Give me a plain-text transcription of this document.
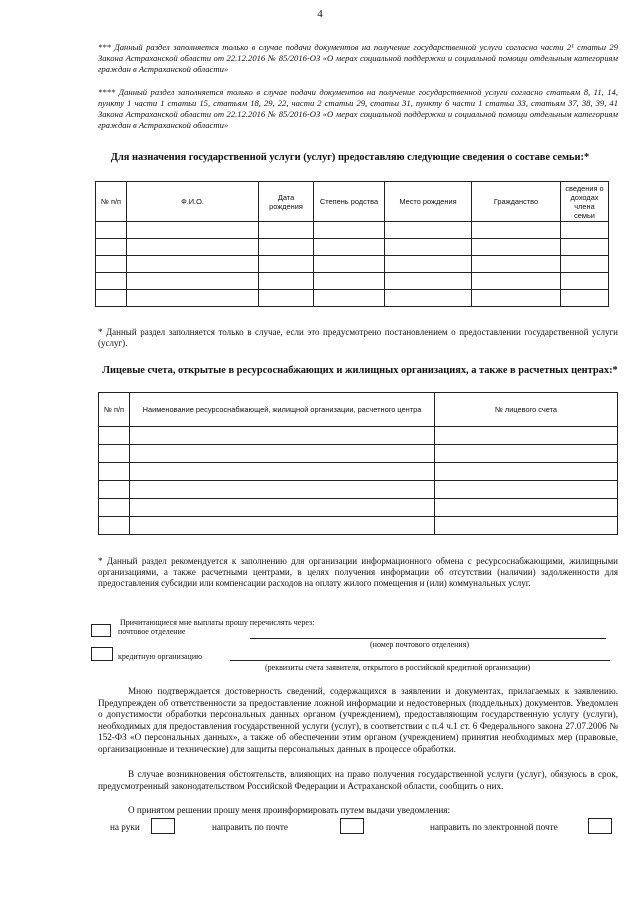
4
*** Данный раздел заполняется только в случае подачи документов на получение государственной услуги согласно части 2¹ статьи 29 Закона Астраханской области от 22.12.2016 № 85/2016-ОЗ «О мерах социальной поддержки и социальной помощи отдельным категориям граждан в Астраханской области»
**** Данный раздел заполняется только в случае подачи документов на получение государственной услуги согласно статьям 8, 11, 14, пункту 1 части 1 статьи 15, статьям 18, 29, 22, части 2 статьи 29, статьи 31, пункту 6 части 1 статьи 33, статьям 37, 38, 39, 41 Закона Астраханской области от 22.12.2016 № 85/2016-ОЗ «О мерах социальной поддержки и социальной помощи отдельным категориям граждан в Астраханской области»
Для назначения государственной услуги (услуг) предоставляю следующие сведения о составе семьи:*
№ п/п	Ф.И.О.	Дата рождения	Степень родства	Место рождения	Гражданство	сведения о доходах члена семьи

* Данный раздел заполняется только в случае, если это предусмотрено постановлением о предоставлении государственной услуги (услуг).
Лицевые счета, открытые в ресурсоснабжающих и жилищных организациях, а также в расчетных центрах:*
№ п/п	Наименование ресурсоснабжающей, жилищной организации, расчетного центра	№ лицевого счета

* Данный раздел рекомендуется к заполнению для организации информационного обмена с ресурсоснабжающими, жилищными организациями, а также расчетными центрами, в целях получения информации об отсутствии (наличии) задолженности для предоставления субсидии или компенсации расходов на оплату жилого помещения и (или) коммунальных услуг.
Причитающиеся мне выплаты прошу перечислять через:
почтовое отделение
(номер почтового отделения)
кредитную организацию
(реквизиты счета заявителя, открытого в российской кредитной организации)
Мною подтверждается достоверность сведений, содержащихся в заявлении и документах, прилагаемых к заявлению. Предупрежден об ответственности за предоставление ложной информации и недостоверных (поддельных) документов. Уведомлен о допустимости обработки персональных данных органом (учреждением), предоставляющим государственную услугу (услуги), необходимых для предоставления государственной услуги (услуг), в соответствии с п.4 ч.1 ст. 6 Федерального закона 27.07.2006 № 152-ФЗ «О персональных данных», а также об обеспечении этим органом (учреждением) принятия необходимых мер (правовые, организационные и технические) для защиты персональных данных в процессе обработки.
В случае возникновения обстоятельств, влияющих на право получения государственной услуги (услуг), обязуюсь в срок, предусмотренный законодательством Российской Федерации и Астраханской области, сообщить о них.
О принятом решении прошу меня проинформировать путем выдачи уведомления:
на руки	направить по почте	направить по электронной почте
